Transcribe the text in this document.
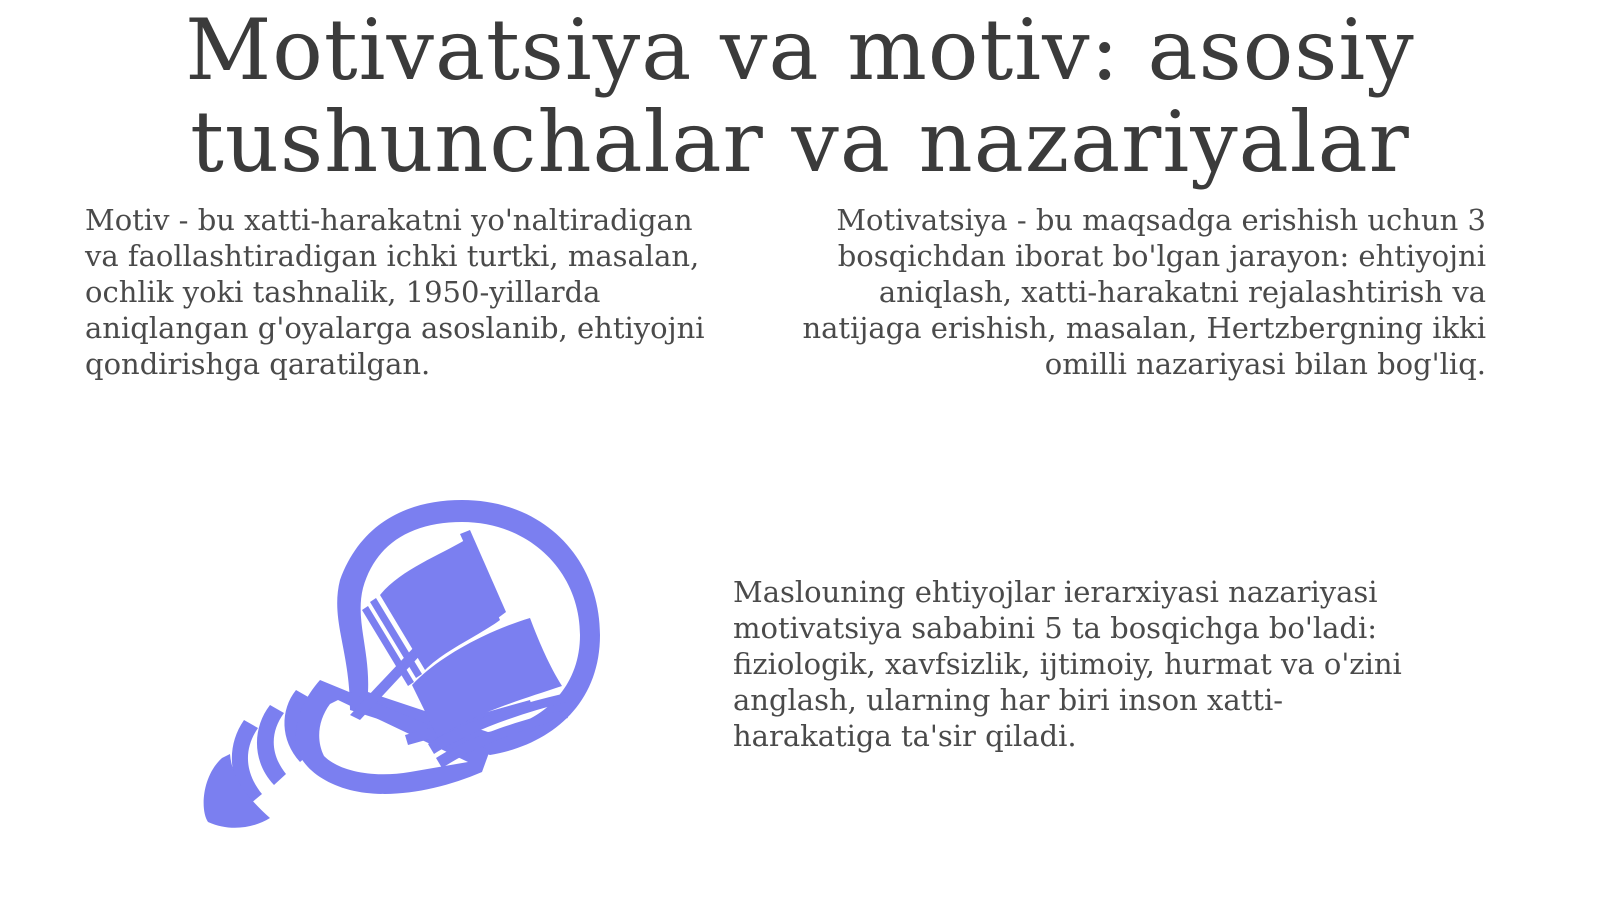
Motivatsiya va motiv: asosiy tushunchalar va nazariyalar

Motiv - bu xatti-harakatni yo'naltiradigan va faollashtiradigan ichki turtki, masalan, ochlik yoki tashnalik, 1950-yillarda aniqlangan g'oyalarga asoslanib, ehtiyojni qondirishga qaratilgan.

Motivatsiya - bu maqsadga erishish uchun 3 bosqichdan iborat bo'lgan jarayon: ehtiyojni aniqlash, xatti-harakatni rejalashtirish va natijaga erishish, masalan, Hertzbergning ikki omilli nazariyasi bilan bog'liq.

Maslouning ehtiyojlar ierarxiyasi nazariyasi motivatsiya sababini 5 ta bosqichga bo'ladi: fiziologik, xavfsizlik, ijtimoiy, hurmat va o'zini anglash, ularning har biri inson xatti-harakatiga ta'sir qiladi.
